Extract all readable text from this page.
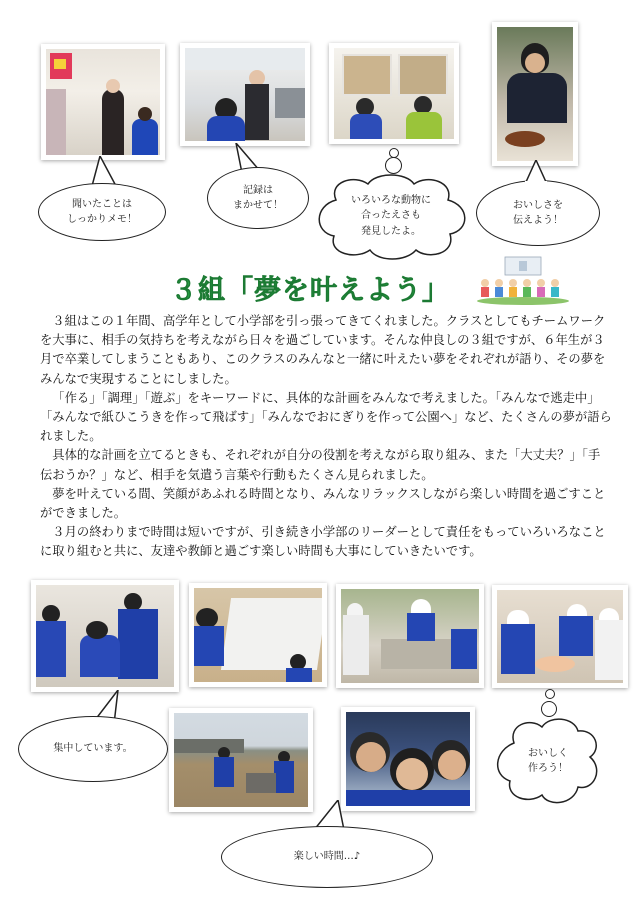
聞いたことは
しっかりメモ！
記録は
まかせて！	いろいろな動物に
合ったえさも
発見したよ。
おいしさを
伝えよう！
３組「夢を叶えよう」

３組はこの１年間、高学年として小学部を引っ張ってきてくれました。クラスとしてもチームワークを大事に、相手の気持ちを考えながら日々を過ごしています。そんな仲良しの３組ですが、６年生が３月で卒業してしまうこともあり、このクラスのみんなと一緒に叶えたい夢をそれぞれが語り、その夢をみんなで実現することにしました。

「作る」「調理」「遊ぶ」をキーワードに、具体的な計画をみんなで考えました。「みんなで逃走中」「みんなで紙ひこうきを作って飛ばす」「みんなでおにぎりを作って公園へ」など、たくさんの夢が語られました。

具体的な計画を立てるときも、それぞれが自分の役割を考えながら取り組み、また「大丈夫？」「手伝おうか？」など、相手を気遣う言葉や行動もたくさん見られました。

夢を叶えている間、笑顔があふれる時間となり、みんなリラックスしながら楽しい時間を過ごすことができました。

３月の終わりまで時間は短いですが、引き続き小学部のリーダーとして責任をもっていろいろなことに取り組むと共に、友達や教師と過ごす楽しい時間も大事にしていきたいです。

集中しています。	おいしく
作ろう！
楽しい時間…♪
